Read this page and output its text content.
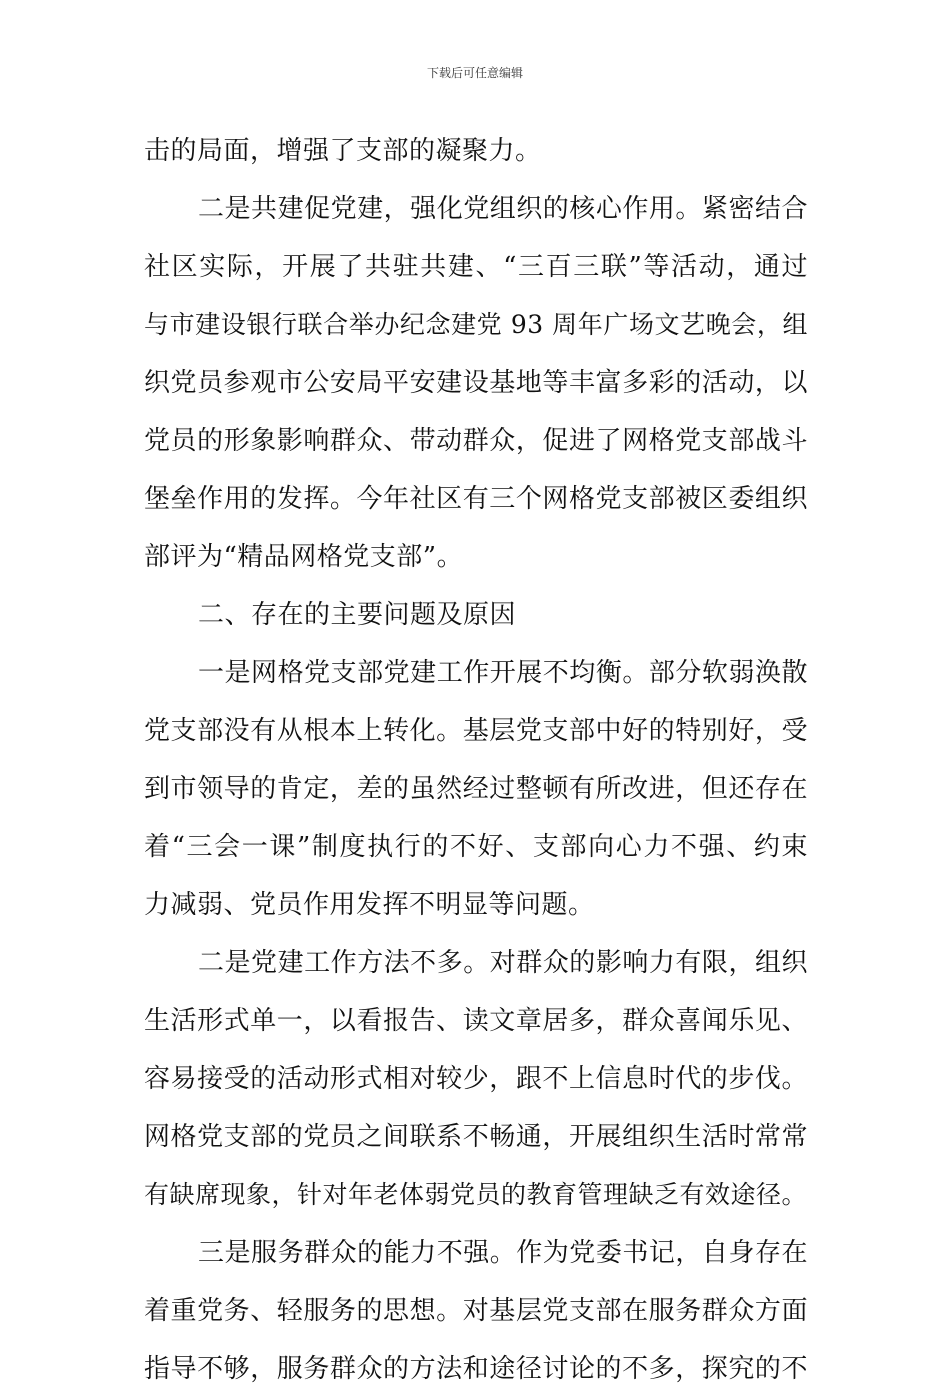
下载后可任意编辑
击的局面，增强了支部的凝聚力。
二是共建促党建，强化党组织的核心作用。紧密结合
社区实际，开展了共驻共建、“三百三联”等活动，通过
与市建设银行联合举办纪念建党 93 周年广场文艺晚会，组
织党员参观市公安局平安建设基地等丰富多彩的活动，以
党员的形象影响群众、带动群众，促进了网格党支部战斗
堡垒作用的发挥。今年社区有三个网格党支部被区委组织
部评为“精品网格党支部”。
二、存在的主要问题及原因
一是网格党支部党建工作开展不均衡。部分软弱涣散
党支部没有从根本上转化。基层党支部中好的特别好，受
到市领导的肯定，差的虽然经过整顿有所改进，但还存在
着“三会一课”制度执行的不好、支部向心力不强、约束
力减弱、党员作用发挥不明显等问题。
二是党建工作方法不多。对群众的影响力有限，组织
生活形式单一，以看报告、读文章居多，群众喜闻乐见、
容易接受的活动形式相对较少，跟不上信息时代的步伐。
网格党支部的党员之间联系不畅通，开展组织生活时常常
有缺席现象，针对年老体弱党员的教育管理缺乏有效途径。
三是服务群众的能力不强。作为党委书记，自身存在
着重党务、轻服务的思想。对基层党支部在服务群众方面
指导不够，服务群众的方法和途径讨论的不多，探究的不
